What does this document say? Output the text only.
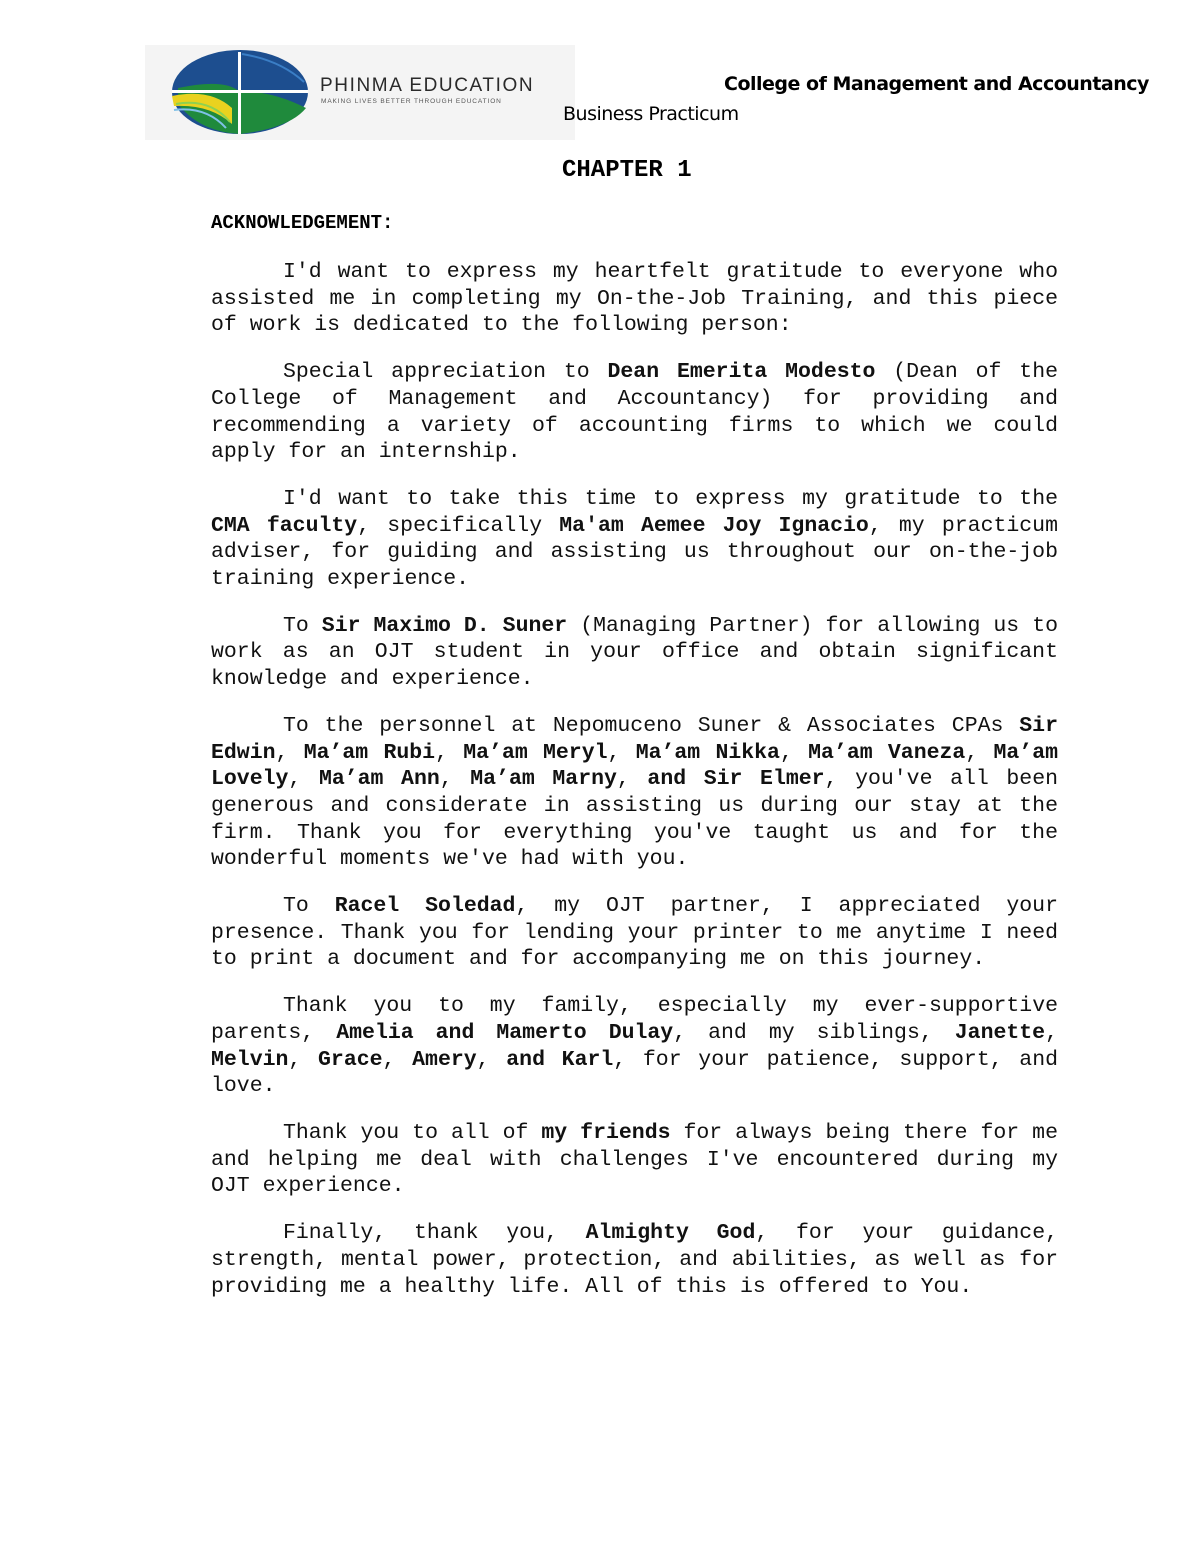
PHINMA EDUCATION
MAKING LIVES BETTER THROUGH EDUCATION
College of Management and Accountancy
Business Practicum
CHAPTER 1
ACKNOWLEDGEMENT:

I'd want to express my heartfelt gratitude to everyone who assisted me in completing my On-the-Job Training, and this piece of work is dedicated to the following person:

Special appreciation to Dean Emerita Modesto (Dean of the College of Management and Accountancy) for providing and recommending a variety of accounting firms to which we could apply for an internship.

I'd want to take this time to express my gratitude to the CMA faculty, specifically Ma'am Aemee Joy Ignacio, my practicum adviser, for guiding and assisting us throughout our on-the-job training experience.

To Sir Maximo D. Suner (Managing Partner) for allowing us to work as an OJT student in your office and obtain significant knowledge and experience.

To the personnel at Nepomuceno Suner & Associates CPAs Sir Edwin, Ma’am Rubi, Ma’am Meryl, Ma’am Nikka, Ma’am Vaneza, Ma’am Lovely, Ma’am Ann, Ma’am Marny, and Sir Elmer, you've all been generous and considerate in assisting us during our stay at the firm. Thank you for everything you've taught us and for the wonderful moments we've had with you.

To Racel Soledad, my OJT partner, I appreciated your presence. Thank you for lending your printer to me anytime I need to print a document and for accompanying me on this journey.

Thank you to my family, especially my ever-supportive parents, Amelia and Mamerto Dulay, and my siblings, Janette, Melvin, Grace, Amery, and Karl, for your patience, support, and love.

Thank you to all of my friends for always being there for me and helping me deal with challenges I've encountered during my OJT experience.

Finally, thank you, Almighty God, for your guidance, strength, mental power, protection, and abilities, as well as for providing me a healthy life. All of this is offered to You.
